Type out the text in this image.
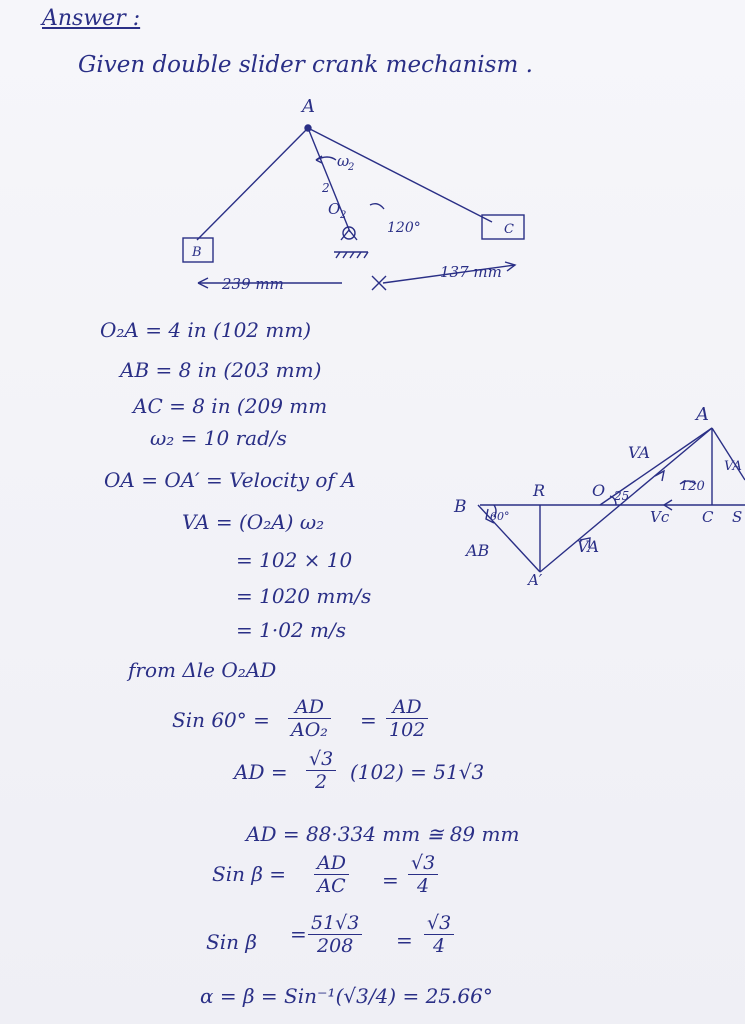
Answer :
Given double slider crank mechanism .
A
B
C
O 2
ω
2
2
120°
239 mm
137 mm
O₂A = 4 in (102 mm)
AB = 8 in (203 mm)
AC = 8 in (209 mm
ω₂ = 10 rad/s
OA = OA′ = Velocity of A
VA = (O₂A) ω₂
= 102 × 10
= 1020 mm/s
= 1·02 m/s
from Δle O₂AD
Sin $60^\circ = \frac{AD}{\text{AO₂}} = \frac{AD}{102}$
AD = $\frac{√3}{2} (102) = 51√3$
AD = 88·334 mm ≅ 89 mm
Sin $\beta = \frac{AD}{AC} = \frac{√3}{4}$
Sin $\beta = \frac{51√3}{208} = \frac{√3}{4}$
α = β = Sin⁻¹(√3/4) = 25.66°
A
VA
VA
O 25
120
R
B 60°
AB	VA
A′
Vc C S
